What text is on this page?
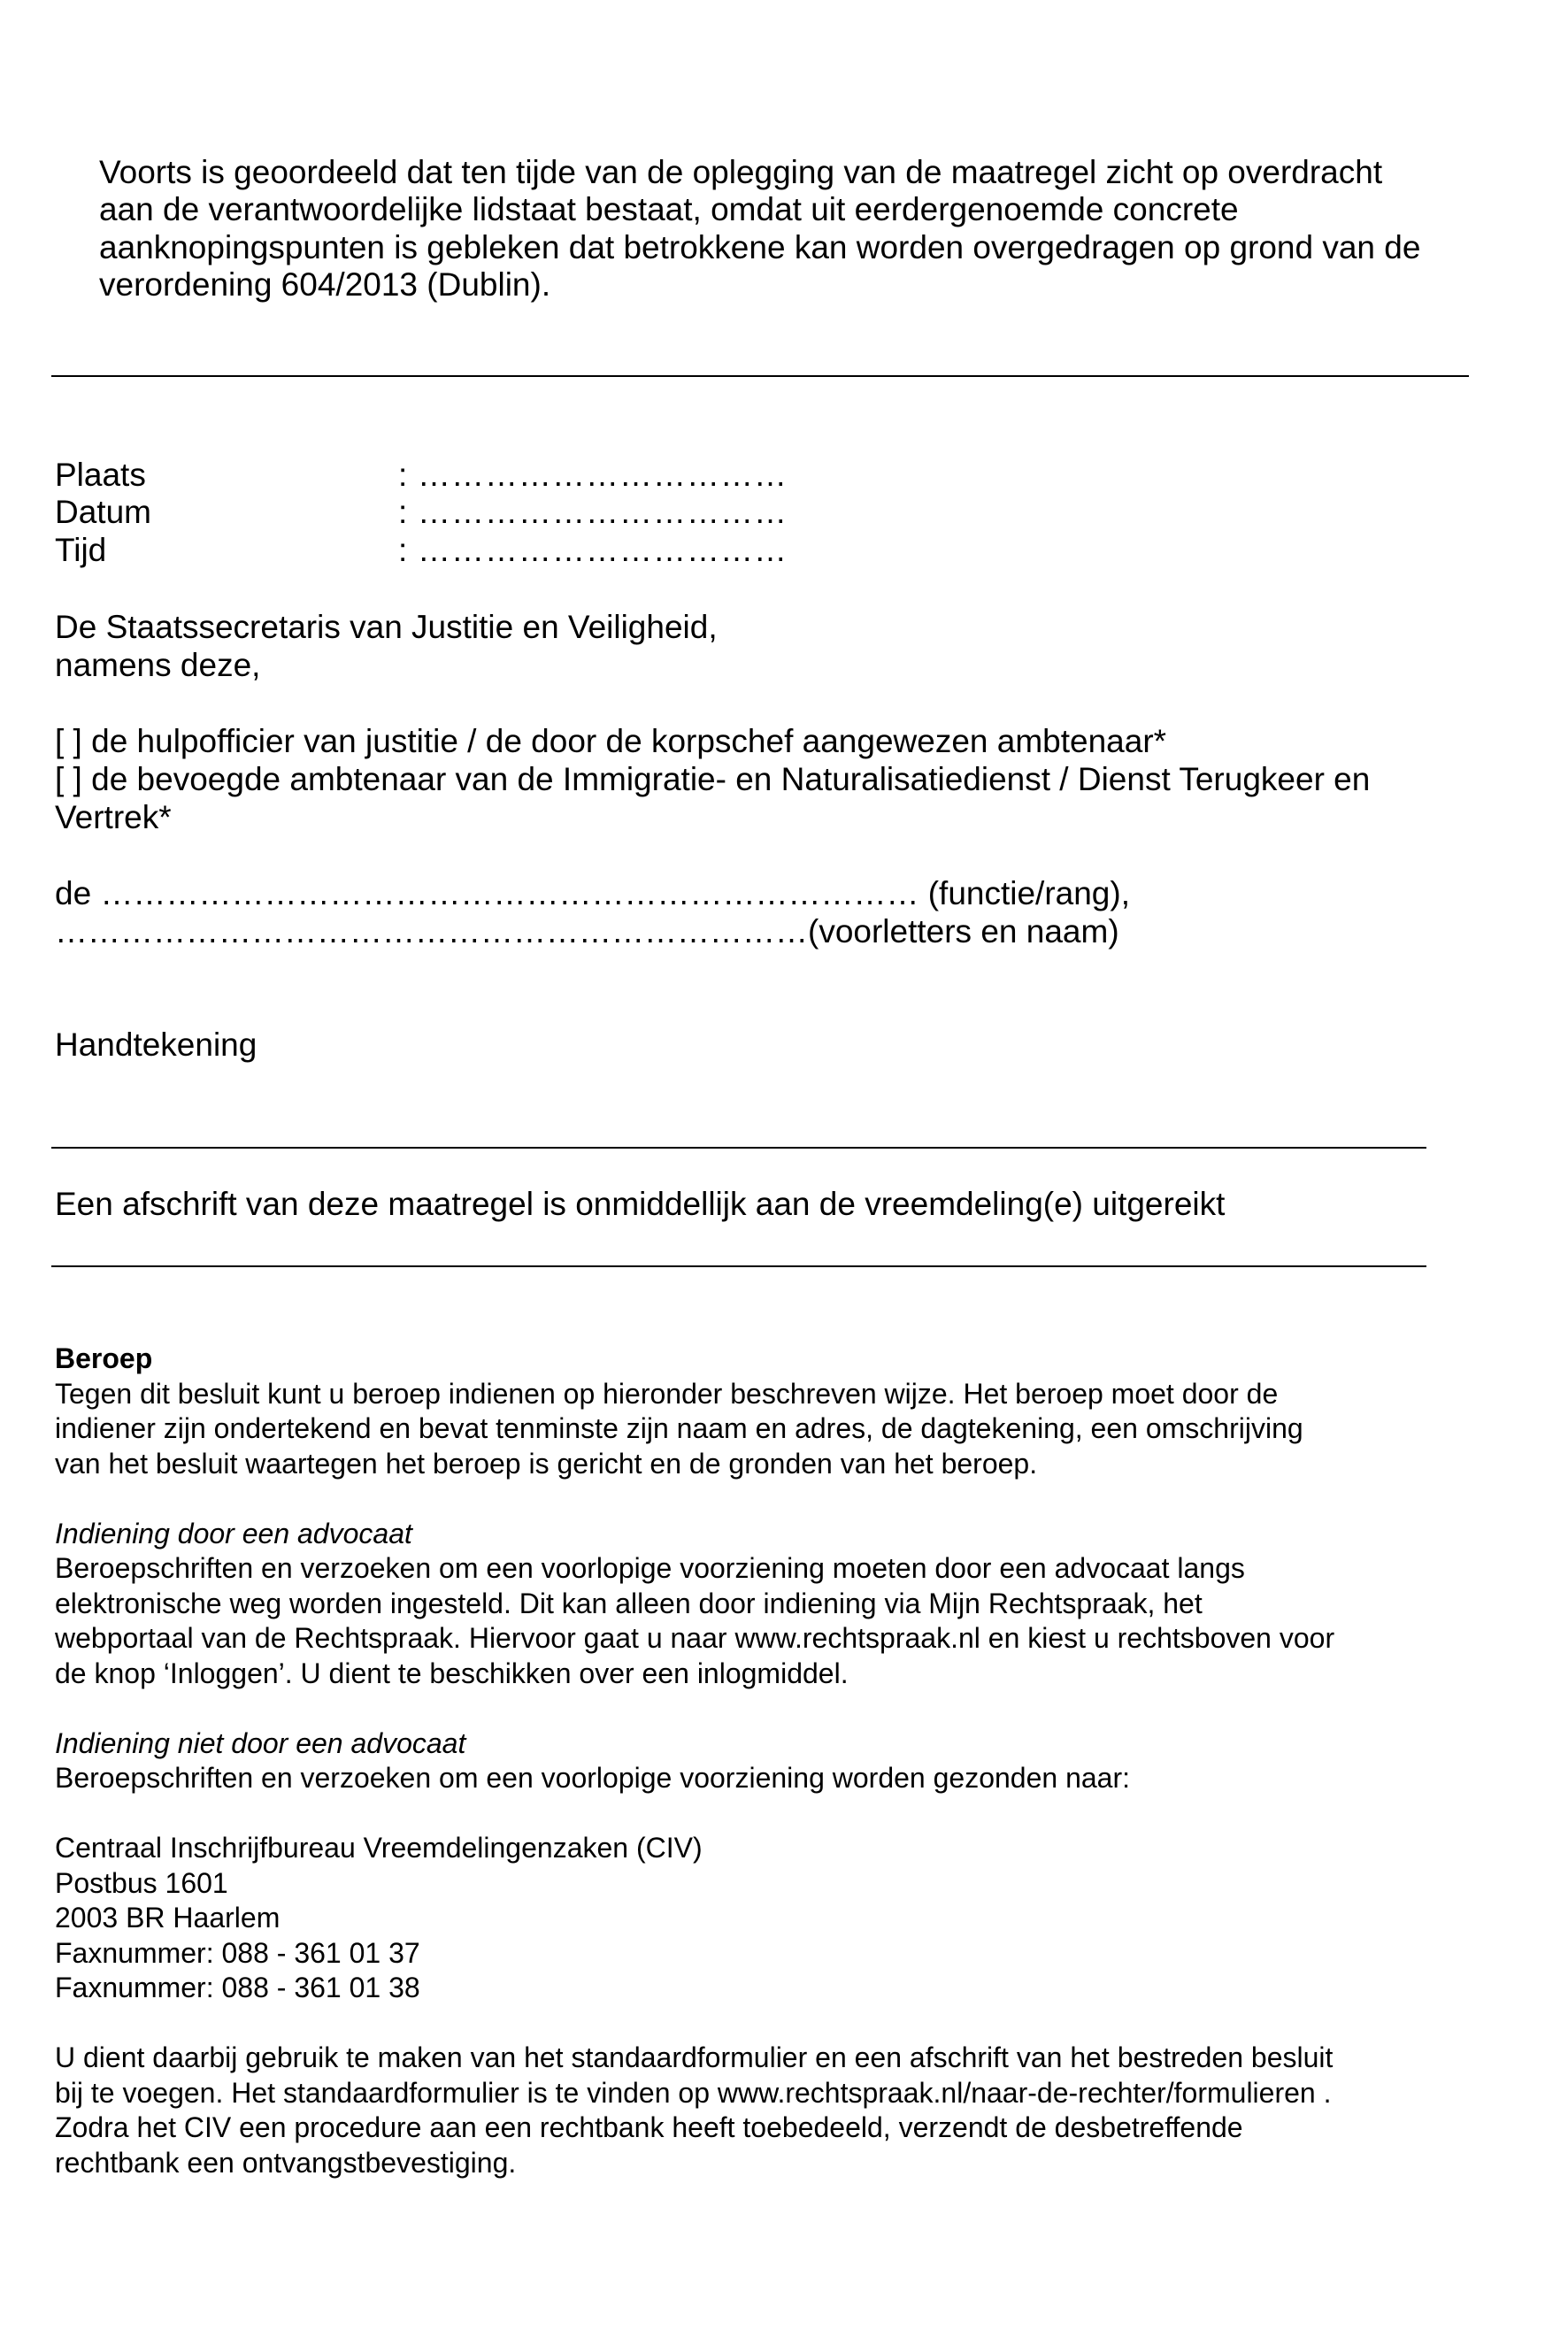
Voorts is geoordeeld dat ten tijde van de oplegging van de maatregel zicht op overdracht
aan de verantwoordelijke lidstaat bestaat, omdat uit eerdergenoemde concrete
aanknopingspunten is gebleken dat betrokkene kan worden overgedragen op grond van de
verordening 604/2013 (Dublin).
Plaats	: ……………………………
Datum	: ……………………………
Tijd	: ……………………………
De Staatssecretaris van Justitie en Veiligheid,
namens deze,
[ ] de hulpofficier van justitie / de door de korpschef aangewezen ambtenaar*
[ ] de bevoegde ambtenaar van de Immigratie- en Naturalisatiedienst / Dienst Terugkeer en
Vertrek*
de ………………………………………………………………… (functie/rang),
……………………………………………………………(voorletters en naam)
Handtekening
Een afschrift van deze maatregel is onmiddellijk aan de vreemdeling(e) uitgereikt
Beroep
Tegen dit besluit kunt u beroep indienen op hieronder beschreven wijze. Het beroep moet door de
indiener zijn ondertekend en bevat tenminste zijn naam en adres, de dagtekening, een omschrijving
van het besluit waartegen het beroep is gericht en de gronden van het beroep.
Indiening door een advocaat
Beroepschriften en verzoeken om een voorlopige voorziening moeten door een advocaat langs
elektronische weg worden ingesteld. Dit kan alleen door indiening via Mijn Rechtspraak, het
webportaal van de Rechtspraak. Hiervoor gaat u naar www.rechtspraak.nl en kiest u rechtsboven voor
de knop ‘Inloggen’. U dient te beschikken over een inlogmiddel.
Indiening niet door een advocaat
Beroepschriften en verzoeken om een voorlopige voorziening worden gezonden naar:
Centraal Inschrijfbureau Vreemdelingenzaken (CIV)
Postbus 1601
2003 BR Haarlem
Faxnummer: 088 - 361 01 37
Faxnummer: 088 - 361 01 38
U dient daarbij gebruik te maken van het standaardformulier en een afschrift van het bestreden besluit
bij te voegen. Het standaardformulier is te vinden op www.rechtspraak.nl/naar-de-rechter/formulieren .
Zodra het CIV een procedure aan een rechtbank heeft toebedeeld, verzendt de desbetreffende
rechtbank een ontvangstbevestiging.
